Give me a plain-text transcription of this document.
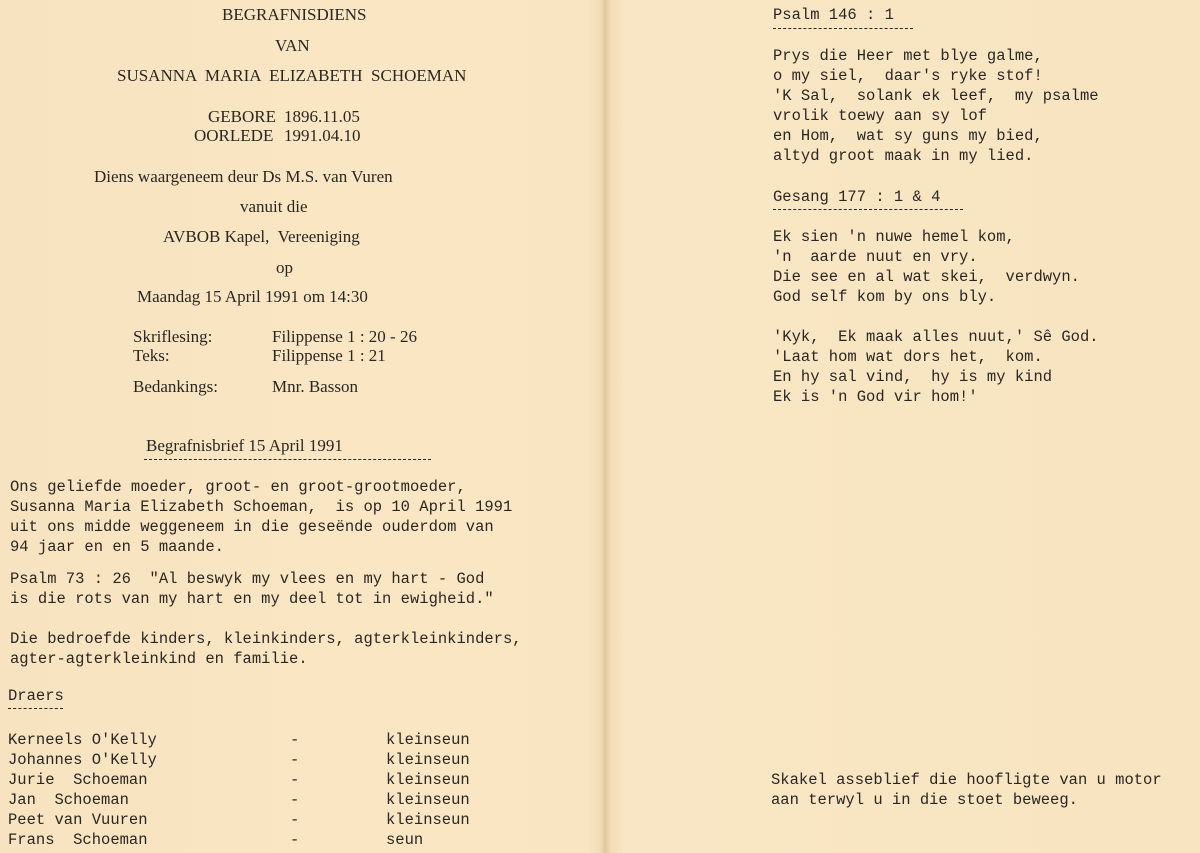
BEGRAFNISDIENS
VAN
SUSANNA  MARIA  ELIZABETH  SCHOEMAN
GEBORE 1896.11.05
OORLEDE 1991.04.10
Diens waargeneem deur Ds M.S. van Vuren
vanuit die
AVBOB Kapel,  Vereeniging
op
Maandag 15 April 1991 om 14:30
Skriflesing:	Filippense 1 : 20 - 26
Teks:	Filippense 1 : 21
Bedankings:	Mnr. Basson
Begrafnisbrief 15 April 1991
Ons geliefde moeder, groot- en groot-grootmoeder,
Susanna Maria Elizabeth Schoeman,  is op 10 April 1991
uit ons midde weggeneem in die geseënde ouderdom van
94 jaar en en 5 maande.
Psalm 73 : 26  "Al beswyk my vlees en my hart - God
is die rots van my hart en my deel tot in ewigheid."
Die bedroefde kinders, kleinkinders, agterkleinkinders,
agter-agterkleinkind en familie.
Draers
Kerneels O'Kelly	-	kleinseun
Johannes O'Kelly	-	kleinseun
Jurie  Schoeman	-	kleinseun
Jan  Schoeman	-	kleinseun
Peet van Vuuren	-	kleinseun
Frans  Schoeman	-	seun
Psalm 146 : 1
Prys die Heer met blye galme,
o my siel,  daar's ryke stof!
'K Sal,  solank ek leef,  my psalme
vrolik toewy aan sy lof
en Hom,  wat sy guns my bied,
altyd groot maak in my lied.
Gesang 177 : 1 & 4
Ek sien 'n nuwe hemel kom,
'n  aarde nuut en vry.
Die see en al wat skei,  verdwyn.
God self kom by ons bly.
'Kyk,  Ek maak alles nuut,' Sê God.
'Laat hom wat dors het,  kom.
En hy sal vind,  hy is my kind
Ek is 'n God vir hom!'
Skakel asseblief die hoofligte van u motor
aan terwyl u in die stoet beweeg.
